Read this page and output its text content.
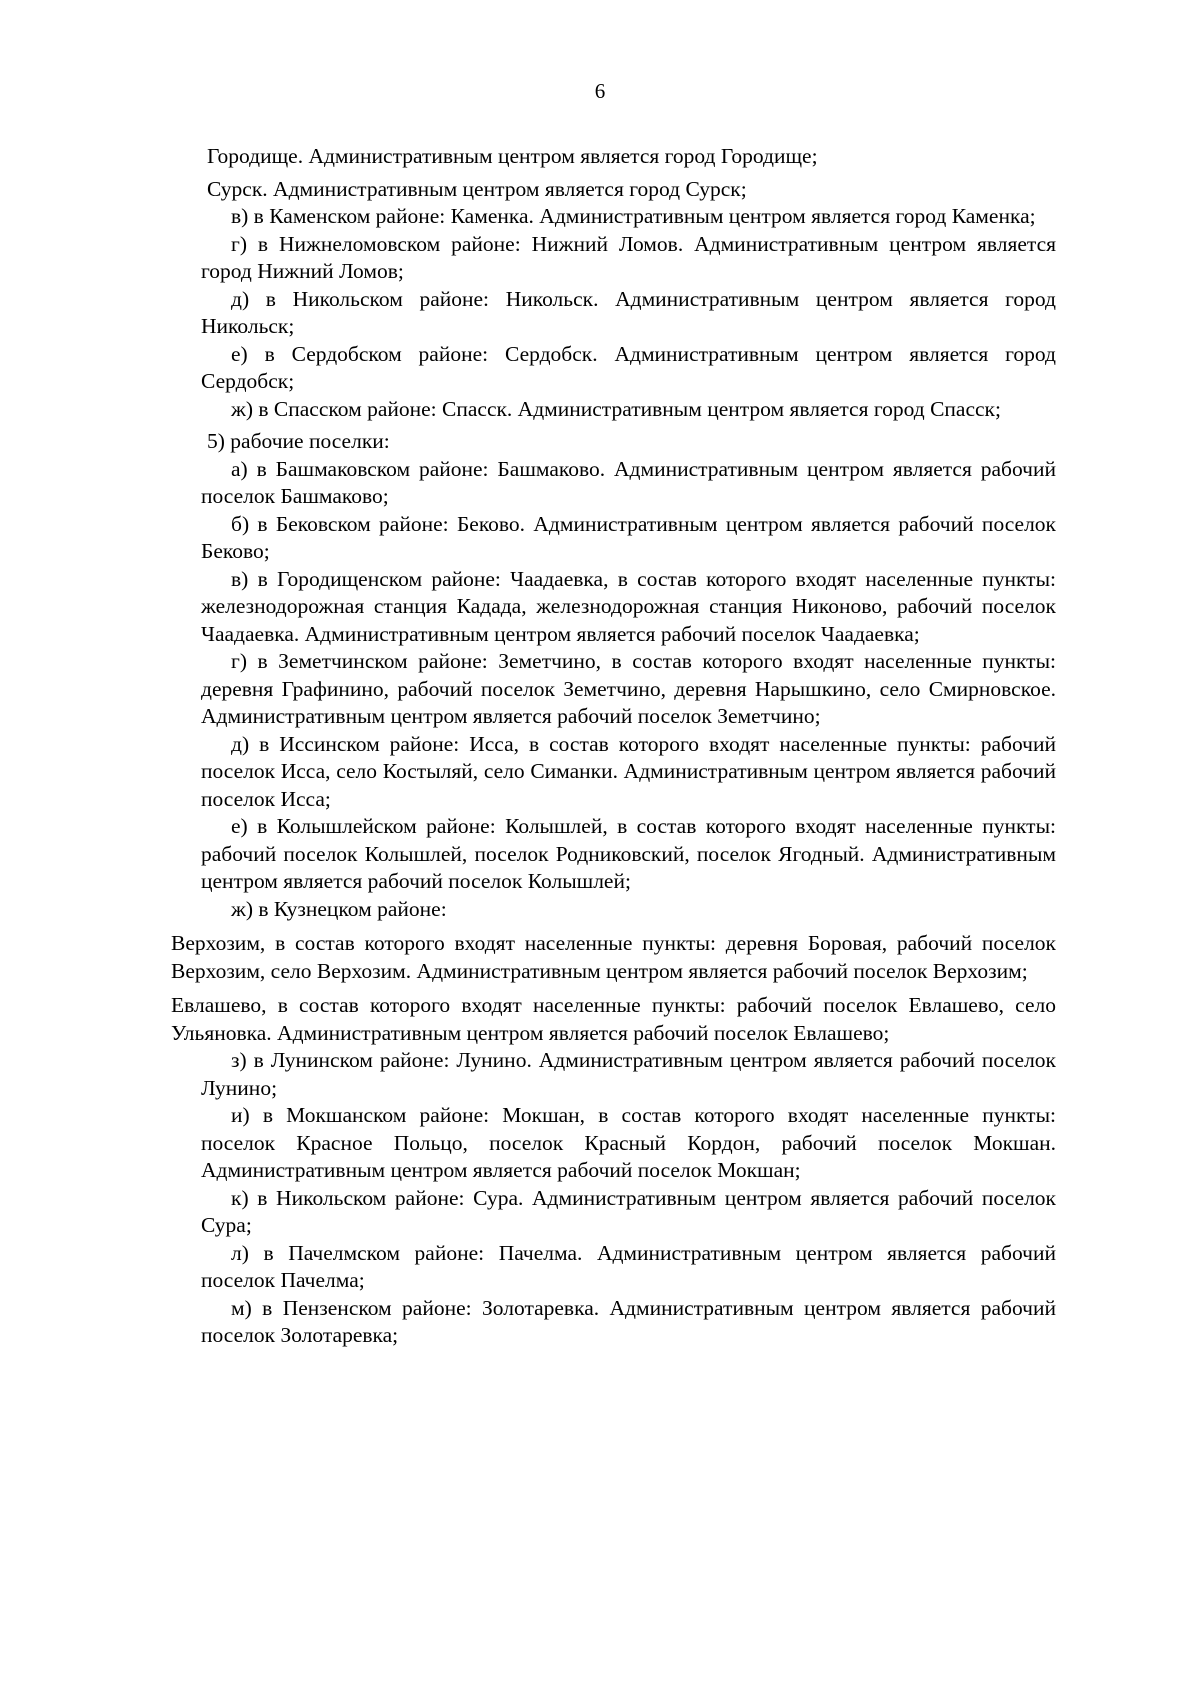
6

Городище. Административным центром является город Городище;

Сурск. Административным центром является город Сурск;

в) в Каменском районе: Каменка. Административным центром является город Каменка;

г) в Нижнеломовском районе: Нижний Ломов. Административным центром является город Нижний Ломов;

д) в Никольском районе: Никольск. Административным центром является город Никольск;

е) в Сердобском районе: Сердобск. Административным центром является город Сердобск;

ж) в Спасском районе: Спасск. Административным центром является город Спасск;

5) рабочие поселки:

а) в Башмаковском районе: Башмаково. Административным центром является рабочий поселок Башмаково;

б) в Бековском районе: Беково. Административным центром является рабочий поселок Беково;

в) в Городищенском районе: Чаадаевка, в состав которого входят населенные пункты: железнодорожная станция Кадада, железнодорожная станция Никоново, рабочий поселок Чаадаевка. Административным центром является рабочий поселок Чаадаевка;

г) в Земетчинском районе: Земетчино, в состав которого входят населенные пункты: деревня Графинино, рабочий поселок Земетчино, деревня Нарышкино, село Смирновское. Административным центром является рабочий поселок Земетчино;

д) в Иссинском районе: Исса, в состав которого входят населенные пункты: рабочий поселок Исса, село Костыляй, село Симанки. Административным центром является рабочий поселок Исса;

е) в Колышлейском районе: Колышлей, в состав которого входят населенные пункты: рабочий поселок Колышлей, поселок Родниковский, поселок Ягодный. Административным центром является рабочий поселок Колышлей;

ж) в Кузнецком районе:

Верхозим, в состав которого входят населенные пункты: деревня Боровая, рабочий поселок Верхозим, село Верхозим. Административным центром является рабочий поселок Верхозим;

Евлашево, в состав которого входят населенные пункты: рабочий поселок Евлашево, село Ульяновка. Административным центром является рабочий поселок Евлашево;

з) в Лунинском районе: Лунино. Административным центром является рабочий поселок Лунино;

и) в Мокшанском районе: Мокшан, в состав которого входят населенные пункты: поселок Красное Польцо, поселок Красный Кордон, рабочий поселок Мокшан. Административным центром является рабочий поселок Мокшан;

к) в Никольском районе: Сура. Административным центром является рабочий поселок Сура;

л) в Пачелмском районе: Пачелма. Административным центром является рабочий поселок Пачелма;

м) в Пензенском районе: Золотаревка. Административным центром является рабочий поселок Золотаревка;
